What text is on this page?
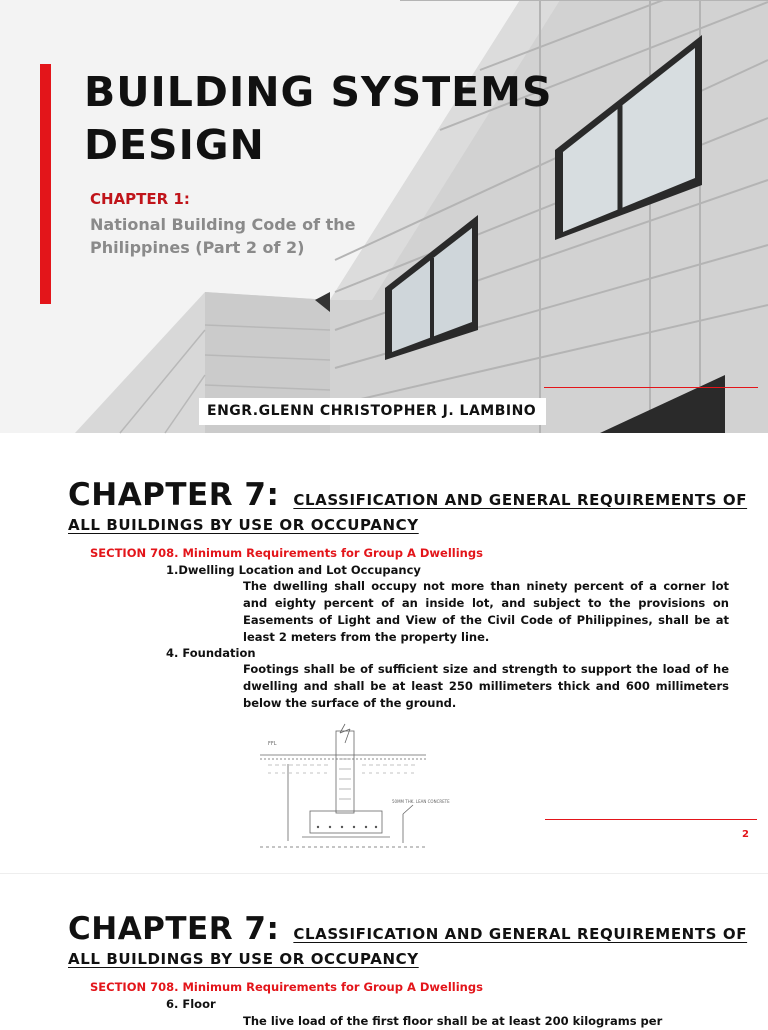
BUILDING SYSTEMS
DESIGN
CHAPTER 1:
National Building Code of the Philippines (Part 2 of 2)
ENGR.GLENN CHRISTOPHER J. LAMBINO
CHAPTER 7: CLASSIFICATION AND GENERAL REQUIREMENTS OF
ALL BUILDINGS BY USE OR OCCUPANCY
SECTION 708. Minimum Requirements for Group A Dwellings
1.Dwelling Location and Lot Occupancy
The dwelling shall occupy not more than ninety percent of a corner lot and eighty percent of an inside lot, and subject to the provisions on Easements of Light and View of the Civil Code of Philippines, shall be at least 2 meters from the property line.
4. Foundation
Footings shall be of sufficient size and strength to support the load of he dwelling and shall be at least 250 millimeters thick and 600 millimeters below the surface of the ground.
2
FFL
50MM THK. LEAN CONCRETE
CHAPTER 7: CLASSIFICATION AND GENERAL REQUIREMENTS OF
ALL BUILDINGS BY USE OR OCCUPANCY
SECTION 708. Minimum Requirements for Group A Dwellings
6. Floor
The live load of the first floor shall be at least 200 kilograms per
